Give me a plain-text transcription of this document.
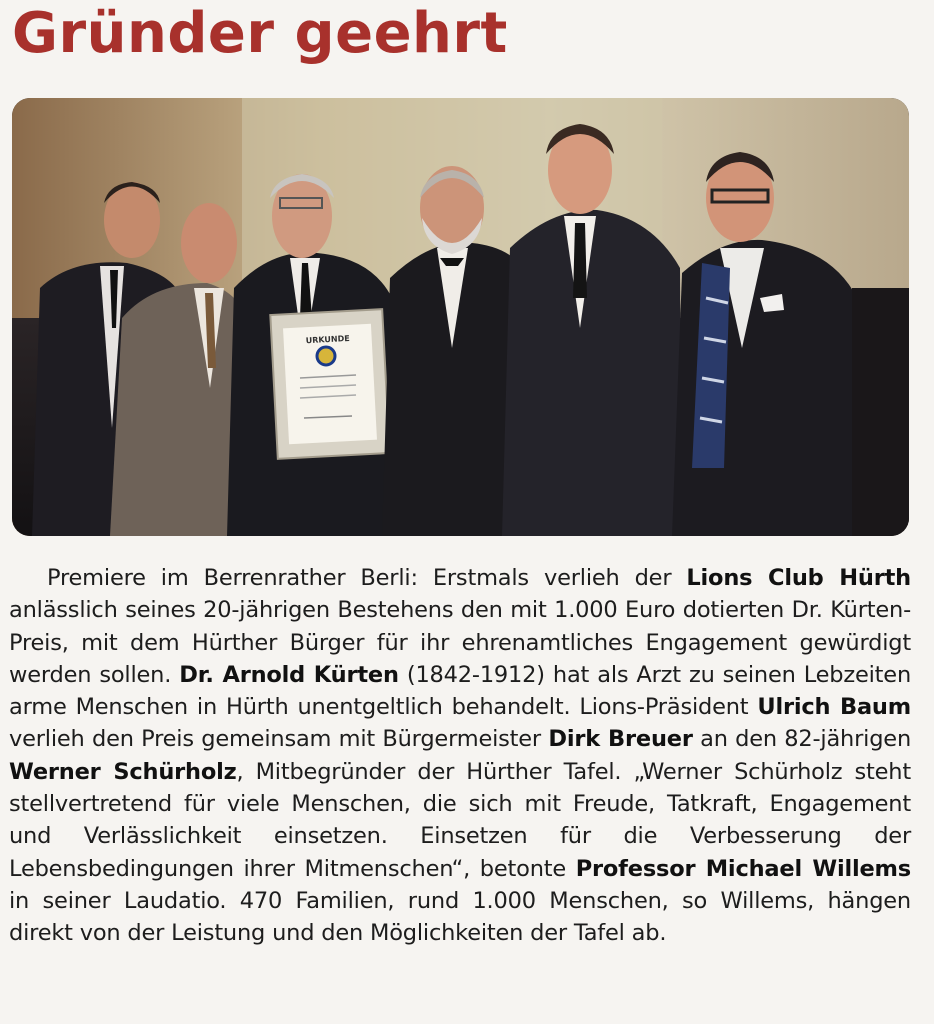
Gründer geehrt
URKUNDE

Premiere im Berrenrather Berli: Erstmals verlieh der Lions Club Hürth anlässlich seines 20-jährigen Bestehens den mit 1.000 Euro dotierten Dr. Kürten-Preis, mit dem Hürther Bürger für ihr ehrenamtliches Engagement gewürdigt werden sollen. Dr. Arnold Kürten (1842-1912) hat als Arzt zu seinen Lebzeiten arme Menschen in Hürth unentgeltlich behandelt. Lions-Präsident Ulrich Baum verlieh den Preis gemeinsam mit Bürgermeister Dirk Breuer an den 82-jährigen Werner Schürholz, Mitbegründer der Hürther Tafel. „Werner Schürholz steht stellvertretend für viele Menschen, die sich mit Freude, Tatkraft, Engagement und Verlässlichkeit einsetzen. Einsetzen für die Verbesserung der Lebensbedingungen ihrer Mitmenschen“, betonte Professor Michael Willems in seiner Laudatio. 470 Familien, rund 1.000 Menschen, so Willems, hängen direkt von der Leistung und den Möglichkeiten der Tafel ab.
